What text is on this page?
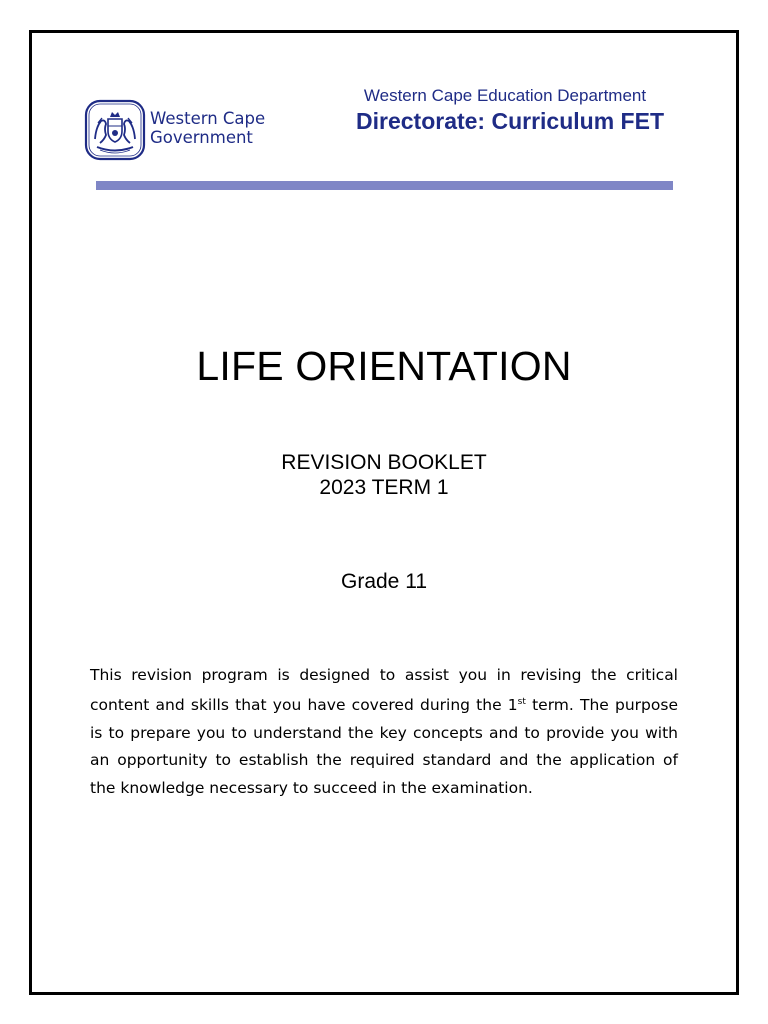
Western Cape
Government
Western Cape Education Department
Directorate: Curriculum FET
LIFE ORIENTATION
REVISION BOOKLET
2023 TERM 1
Grade 11

This revision program is designed to assist you in revising the critical content and skills that you have covered during the 1st term. The purpose is to prepare you to understand the key concepts and to provide you with an opportunity to establish the required standard and the application of the knowledge necessary to succeed in the examination.
